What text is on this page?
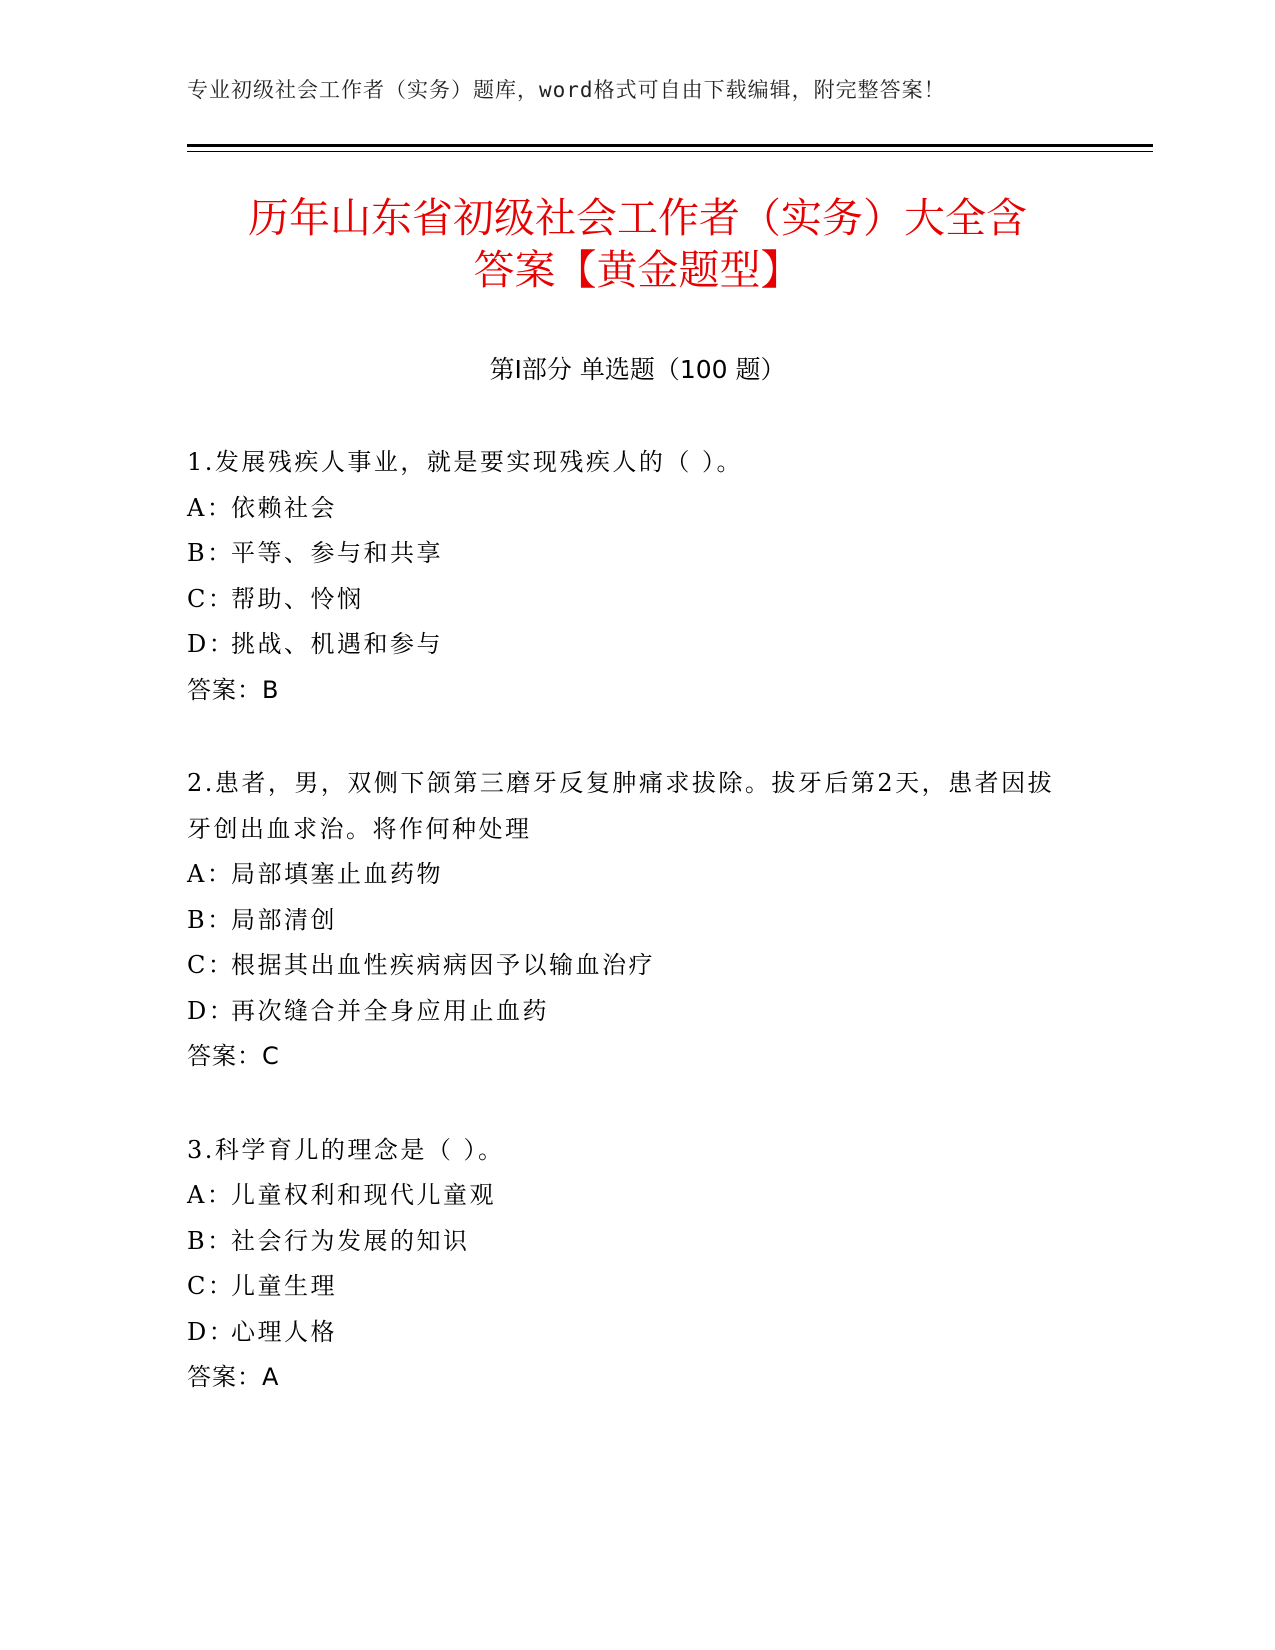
专业初级社会工作者（实务）题库，word格式可自由下载编辑，附完整答案！
历年山东省初级社会工作者（实务）大全含
答案【黄金题型】
第Ⅰ部分 单选题（100 题）

1.发展残疾人事业，就是要实现残疾人的（ ）。

A：依赖社会

B：平等、参与和共享

C：帮助、怜悯

D：挑战、机遇和参与

答案：B

2.患者，男，双侧下颌第三磨牙反复肿痛求拔除。拔牙后第2天，患者因拔牙创出血求治。将作何种处理

A：局部填塞止血药物

B：局部清创

C：根据其出血性疾病病因予以输血治疗

D：再次缝合并全身应用止血药

答案：C

3.科学育儿的理念是（ ）。

A：儿童权利和现代儿童观

B：社会行为发展的知识

C：儿童生理

D：心理人格

答案：A
